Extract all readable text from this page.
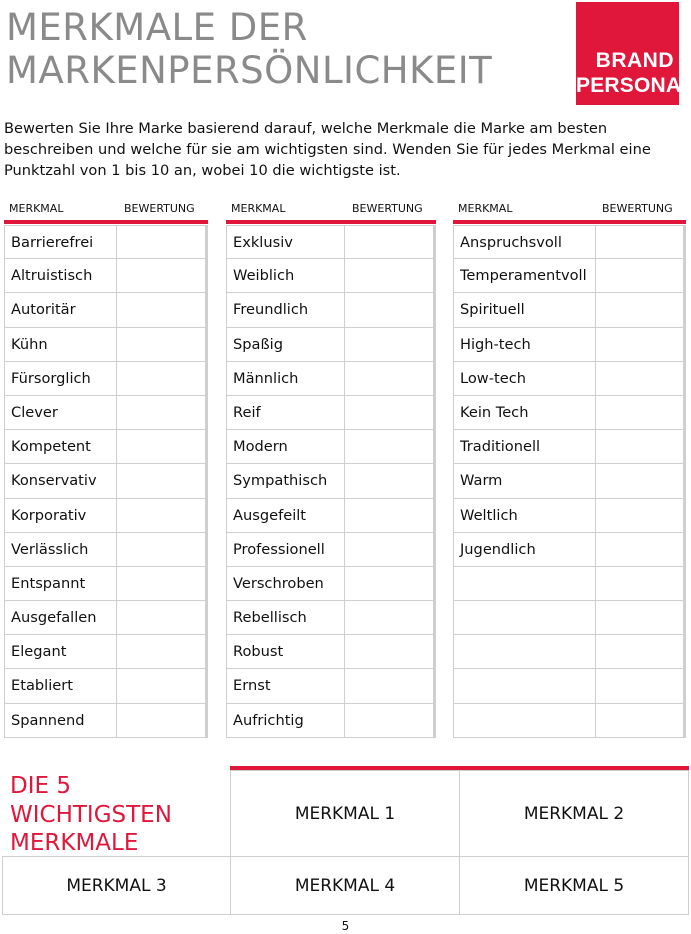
MERKMALE DER
MARKENPERSÖNLICHKEIT	BRAND
PERSONA

Bewerten Sie Ihre Marke basierend darauf, welche Merkmale die Marke am besten beschreiben und welche für sie am wichtigsten sind. Wenden Sie für jedes Merkmal eine Punktzahl von 1 bis 10 an, wobei 10 die wichtigste ist.

MERKMAL	BEWERTUNG
Barrierefrei
Altruistisch
Autoritär
Kühn
Fürsorglich
Clever
Kompetent
Konservativ
Korporativ
Verlässlich
Entspannt
Ausgefallen
Elegant
Etabliert
Spannend
MERKMAL	BEWERTUNG
Exklusiv
Weiblich
Freundlich
Spaßig
Männlich
Reif
Modern
Sympathisch
Ausgefeilt
Professionell
Verschroben
Rebellisch
Robust
Ernst
Aufrichtig
MERKMAL	BEWERTUNG
Anspruchsvoll
Temperamentvoll
Spirituell
High-tech
Low-tech
Kein Tech
Traditionell
Warm
Weltlich
Jugendlich
DIE 5
WICHTIGSTEN
MERKMALE
MERKMAL 1	MERKMAL 2
MERKMAL 3	MERKMAL 4	MERKMAL 5
5
